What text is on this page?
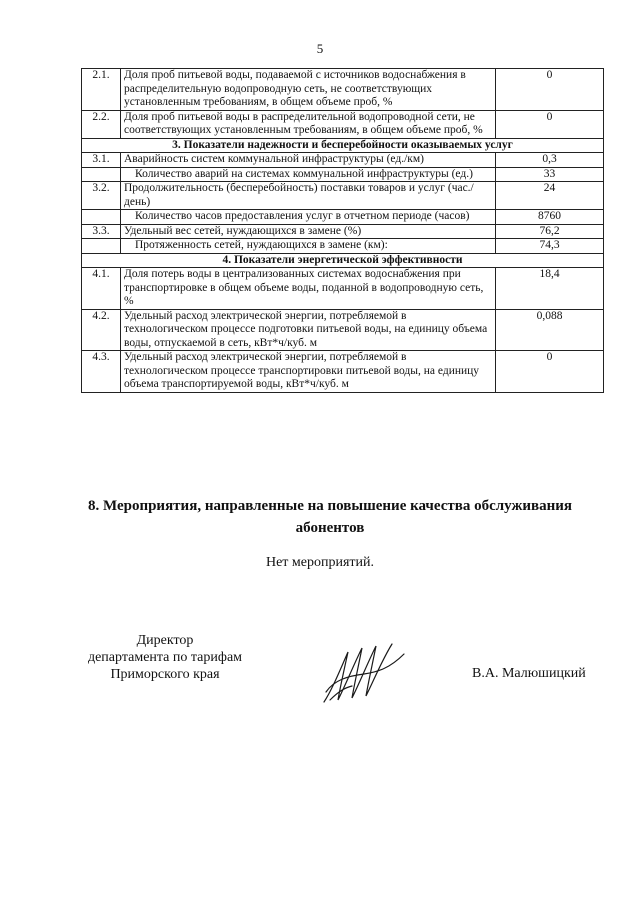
5
2.1.	Доля проб питьевой воды, подаваемой с источников водоснабжения в распределительную водопроводную сеть, не соответствующих установленным требованиям, в общем объеме проб, %	0
2.2.	Доля проб питьевой воды в распределительной водопроводной сети, не соответствующих установленным требованиям, в общем объеме проб, %	0
3. Показатели надежности и бесперебойности оказываемых услуг		
3.1.	Аварийность систем коммунальной инфраструктуры (ед./км)	0,3
	Количество аварий на системах коммунальной инфраструктуры (ед.)	33
3.2.	Продолжительность (бесперебойность) поставки товаров и услуг (час./день)	24
	Количество часов предоставления услуг в отчетном периоде (часов)	8760
3.3.	Удельный вес сетей, нуждающихся в замене (%)	76,2
	Протяженность сетей, нуждающихся в замене (км):	74,3
4. Показатели энергетической эффективности		
4.1.	Доля потерь воды в централизованных системах водоснабжения при транспортировке в общем объеме воды, поданной в водопроводную сеть, %	18,4
4.2.	Удельный расход электрической энергии, потребляемой в технологическом процессе подготовки питьевой воды, на единицу объема воды, отпускаемой в сеть, кВт*ч/куб. м	0,088
4.3.	Удельный расход электрической энергии, потребляемой в технологическом процессе транспортировки питьевой воды, на единицу объема транспортируемой воды, кВт*ч/куб. м	0
8. Мероприятия, направленные на повышение качества обслуживания
абонентов
Нет мероприятий.
Директор
департамента по тарифам
Приморского края	В.А. Малюшицкий
